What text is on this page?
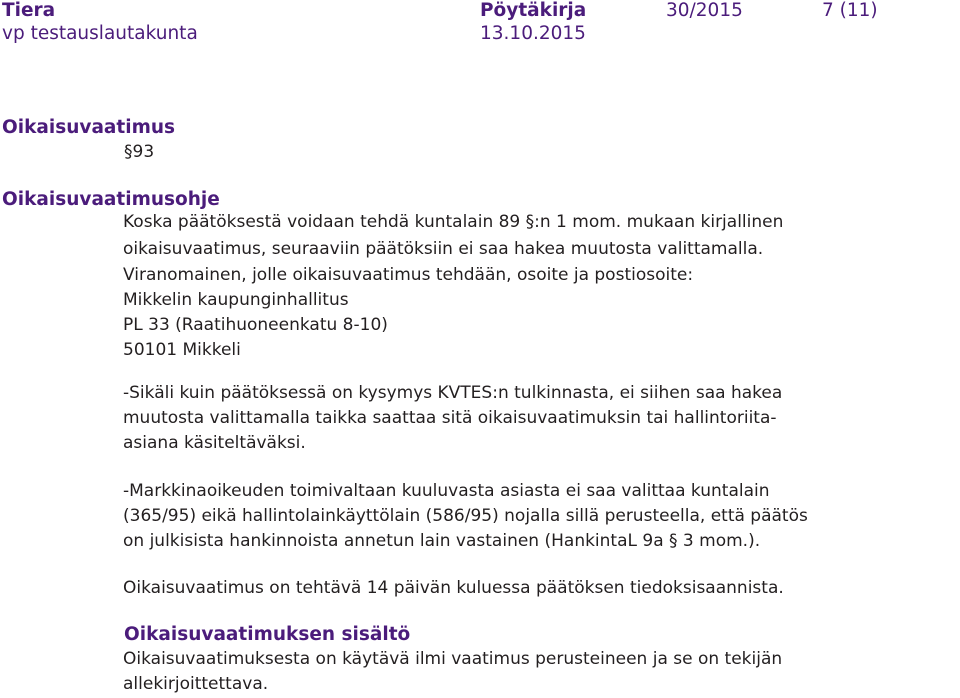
Tiera
vp testauslautakunta
Pöytäkirja
13.10.2015
30/2015	7 (11)
Oikaisuvaatimus
§93
Oikaisuvaatimusohje
Koska päätöksestä voidaan tehdä kuntalain 89 §:n 1 mom. mukaan kirjallinen
oikaisuvaatimus, seuraaviin päätöksiin ei saa hakea muutosta valittamalla.
Viranomainen, jolle oikaisuvaatimus tehdään, osoite ja postiosoite:
Mikkelin kaupunginhallitus
PL 33 (Raatihuoneenkatu 8-10)
50101 Mikkeli
-Sikäli kuin päätöksessä on kysymys KVTES:n tulkinnasta, ei siihen saa hakea
muutosta valittamalla taikka saattaa sitä oikaisuvaatimuksin tai hallintoriita-
asiana käsiteltäväksi.
-Markkinaoikeuden toimivaltaan kuuluvasta asiasta ei saa valittaa kuntalain
(365/95) eikä hallintolainkäyttölain (586/95) nojalla sillä perusteella, että päätös
on julkisista hankinnoista annetun lain vastainen (HankintaL 9a § 3 mom.).
Oikaisuvaatimus on tehtävä 14 päivän kuluessa päätöksen tiedoksisaannista.
Oikaisuvaatimuksen sisältö
Oikaisuvaatimuksesta on käytävä ilmi vaatimus perusteineen ja se on tekijän
allekirjoittettava.
